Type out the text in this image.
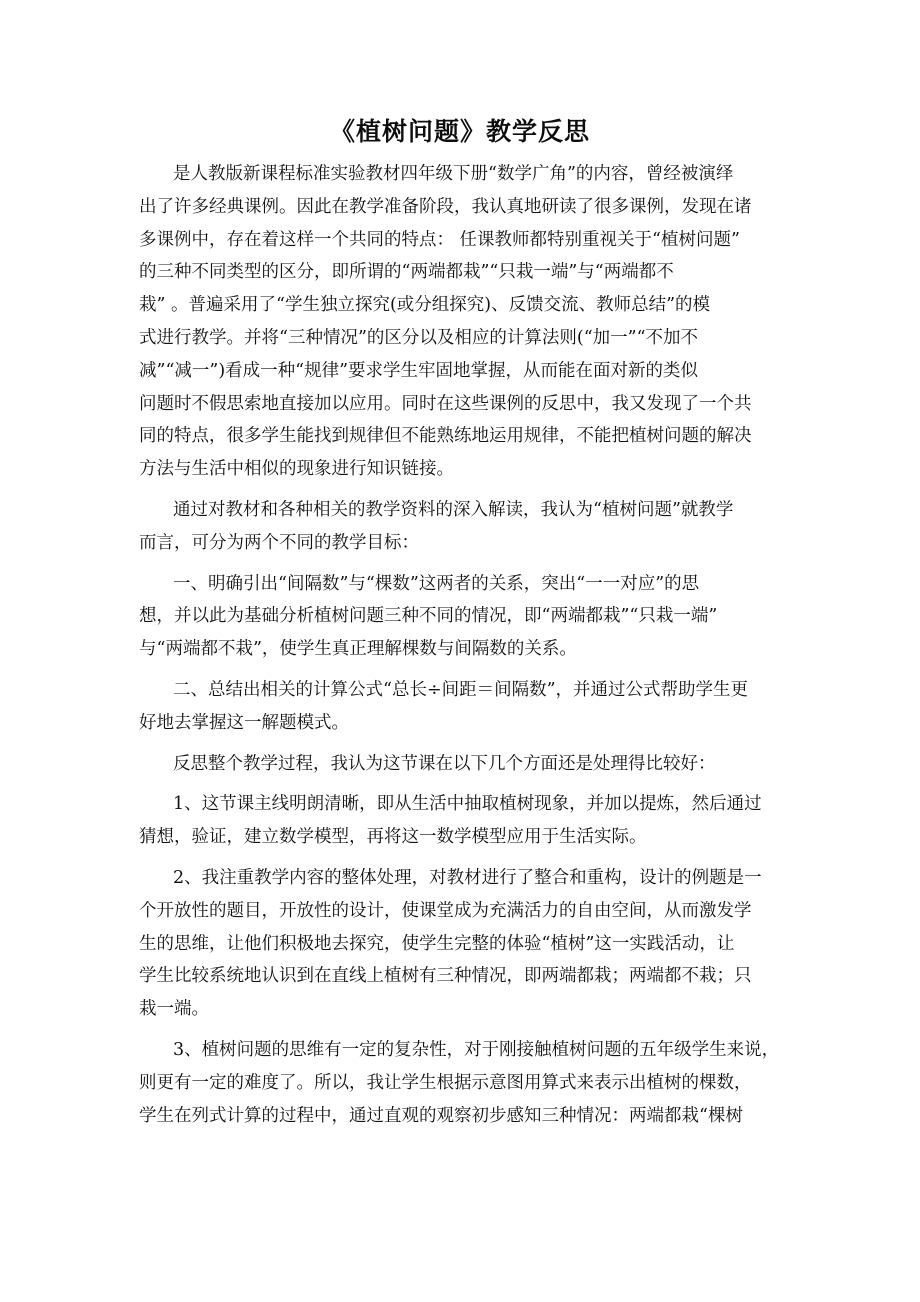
《植树问题》教学反思
是人教版新课程标准实验教材四年级下册“数学广角”的内容，曾经被演绎
出了许多经典课例。因此在教学准备阶段，我认真地研读了很多课例，发现在诸
多课例中，存在着这样一个共同的特点： 任课教师都特别重视关于“植树问题”
的三种不同类型的区分，即所谓的“两端都栽”“只栽一端”与“两端都不
栽” 。普遍采用了“学生独立探究(或分组探究)、反馈交流、教师总结”的模
式进行教学。并将“三种情况”的区分以及相应的计算法则(“加一”“不加不
减”“减一”)看成一种“规律”要求学生牢固地掌握，从而能在面对新的类似
问题时不假思索地直接加以应用。同时在这些课例的反思中，我又发现了一个共
同的特点，很多学生能找到规律但不能熟练地运用规律，不能把植树问题的解决
方法与生活中相似的现象进行知识链接。
通过对教材和各种相关的教学资料的深入解读，我认为“植树问题”就教学
而言，可分为两个不同的教学目标：
一、明确引出“间隔数”与“棵数”这两者的关系，突出“一一对应”的思
想，并以此为基础分析植树问题三种不同的情况，即“两端都栽”“只栽一端”
与“两端都不栽”，使学生真正理解棵数与间隔数的关系。
二、总结出相关的计算公式“总长÷间距＝间隔数”，并通过公式帮助学生更
好地去掌握这一解题模式。
反思整个教学过程，我认为这节课在以下几个方面还是处理得比较好：
1、这节课主线明朗清晰，即从生活中抽取植树现象，并加以提炼，然后通过
猜想，验证，建立数学模型，再将这一数学模型应用于生活实际。
2、我注重教学内容的整体处理，对教材进行了整合和重构，设计的例题是一
个开放性的题目，开放性的设计，使课堂成为充满活力的自由空间，从而激发学
生的思维，让他们积极地去探究，使学生完整的体验“植树”这一实践活动，让
学生比较系统地认识到在直线上植树有三种情况，即两端都栽；两端都不栽；只
栽一端。
3、植树问题的思维有一定的复杂性，对于刚接触植树问题的五年级学生来说，
则更有一定的难度了。所以，我让学生根据示意图用算式来表示出植树的棵数，
学生在列式计算的过程中，通过直观的观察初步感知三种情况：两端都栽“棵树
